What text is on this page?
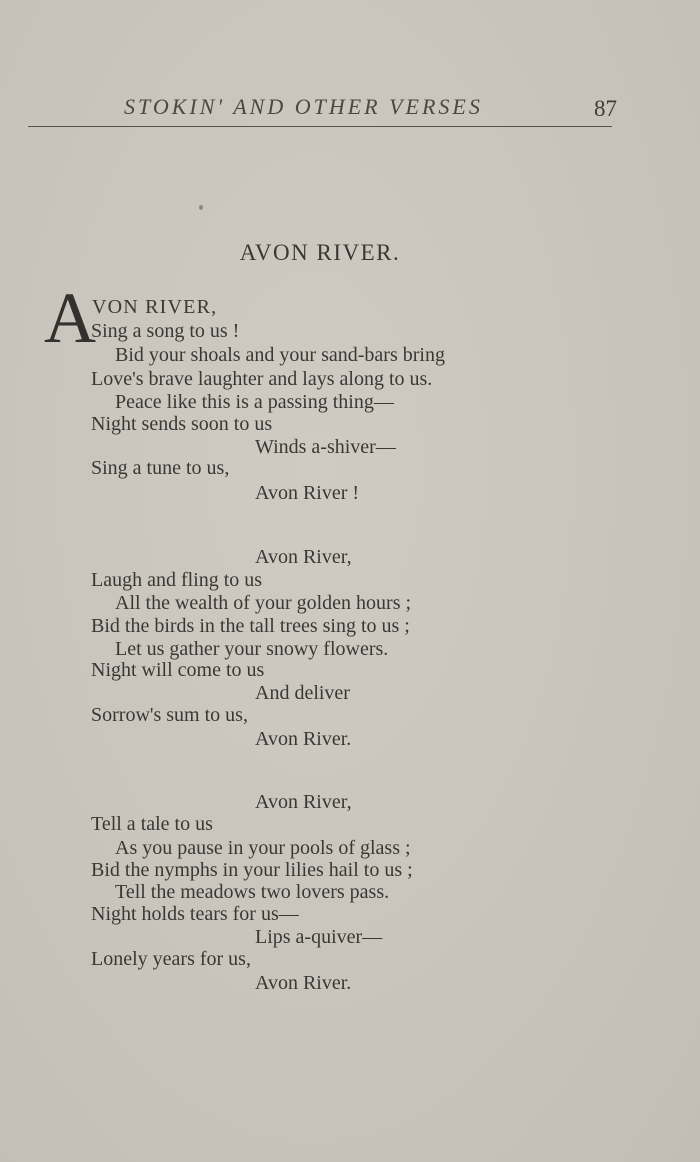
STOKIN' AND OTHER VERSES	87
AVON RIVER.
A
VON RIVER,
Sing a song to us !
Bid your shoals and your sand-bars bring
Love's brave laughter and lays along to us.
Peace like this is a passing thing—
Night sends soon to us
Winds a-shiver—
Sing a tune to us,
Avon River !
Avon River,
Laugh and fling to us
All the wealth of your golden hours ;
Bid the birds in the tall trees sing to us ;
Let us gather your snowy flowers.
Night will come to us
And deliver
Sorrow's sum to us,
Avon River.
Avon River,
Tell a tale to us
As you pause in your pools of glass ;
Bid the nymphs in your lilies hail to us ;
Tell the meadows two lovers pass.
Night holds tears for us—
Lips a-quiver—
Lonely years for us,
Avon River.
